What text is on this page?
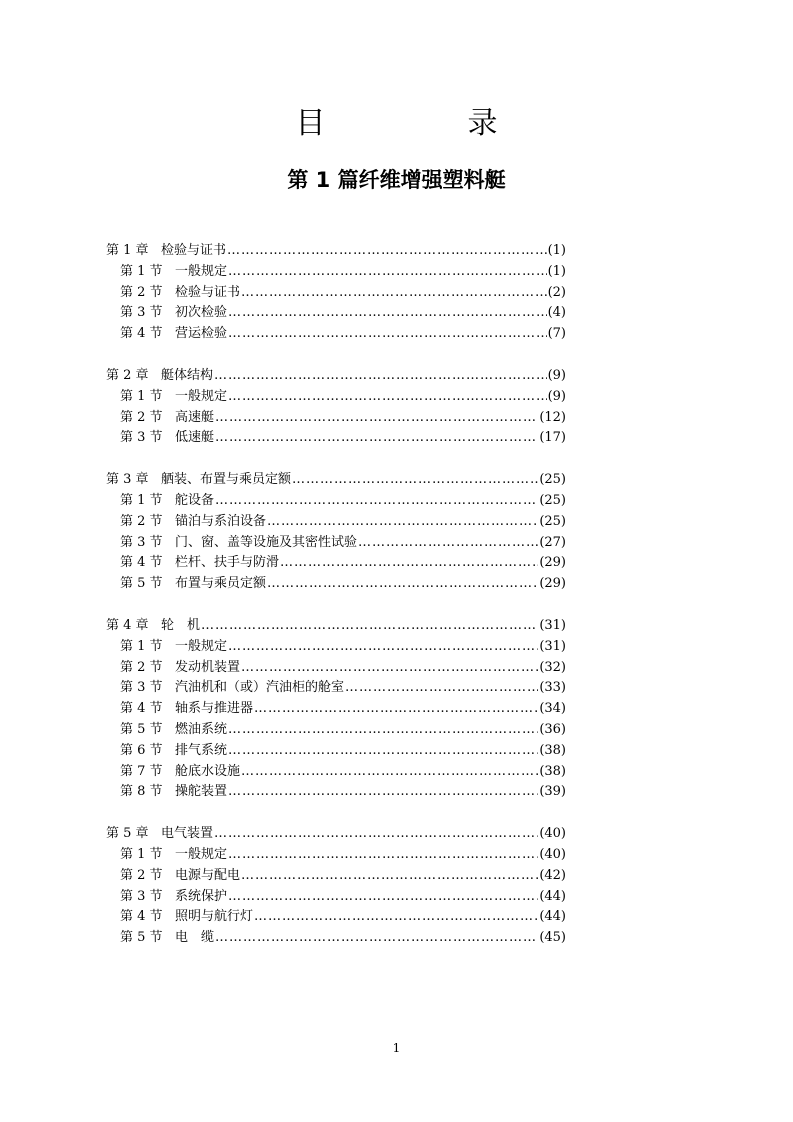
目　录
第 1 篇纤维增强塑料艇
第 1 章 检验与证书 ……………………………………………………………………………………………………………………………………………………	(1)
第 1 节 一般规定 ……………………………………………………………………………………………………………………………………………………	(1)
第 2 节 检验与证书 ……………………………………………………………………………………………………………………………………………………	(2)
第 3 节 初次检验 ……………………………………………………………………………………………………………………………………………………	(4)
第 4 节 营运检验 ……………………………………………………………………………………………………………………………………………………	(7)
第 2 章 艇体结构 ……………………………………………………………………………………………………………………………………………………	(9)
第 1 节 一般规定 ……………………………………………………………………………………………………………………………………………………	(9)
第 2 节 高速艇 ……………………………………………………………………………………………………………………………………………………	(12)
第 3 节 低速艇 ……………………………………………………………………………………………………………………………………………………	(17)
第 3 章 舾装、布置与乘员定额 ……………………………………………………………………………………………………………………………………………………	(25)
第 1 节 舵设备 ……………………………………………………………………………………………………………………………………………………	(25)
第 2 节 锚泊与系泊设备 ……………………………………………………………………………………………………………………………………………………	(25)
第 3 节 门、窗、盖等设施及其密性试验 ……………………………………………………………………………………………………………………………………………………	(27)
第 4 节 栏杆、扶手与防滑 ……………………………………………………………………………………………………………………………………………………	(29)
第 5 节 布置与乘员定额 ……………………………………………………………………………………………………………………………………………………	(29)
第 4 章 轮　机 ……………………………………………………………………………………………………………………………………………………	(31)
第 1 节 一般规定 ……………………………………………………………………………………………………………………………………………………	(31)
第 2 节 发动机装置 ……………………………………………………………………………………………………………………………………………………	(32)
第 3 节 汽油机和（或）汽油柜的舱室 ……………………………………………………………………………………………………………………………………………………	(33)
第 4 节 轴系与推进器 ……………………………………………………………………………………………………………………………………………………	(34)
第 5 节 燃油系统 ……………………………………………………………………………………………………………………………………………………	(36)
第 6 节 排气系统 ……………………………………………………………………………………………………………………………………………………	(38)
第 7 节 舱底水设施 ……………………………………………………………………………………………………………………………………………………	(38)
第 8 节 操舵装置 ……………………………………………………………………………………………………………………………………………………	(39)
第 5 章 电气装置 ……………………………………………………………………………………………………………………………………………………	(40)
第 1 节 一般规定 ……………………………………………………………………………………………………………………………………………………	(40)
第 2 节 电源与配电 ……………………………………………………………………………………………………………………………………………………	(42)
第 3 节 系统保护 ……………………………………………………………………………………………………………………………………………………	(44)
第 4 节 照明与航行灯 ……………………………………………………………………………………………………………………………………………………	(44)
第 5 节 电　缆 ……………………………………………………………………………………………………………………………………………………	(45)
1
